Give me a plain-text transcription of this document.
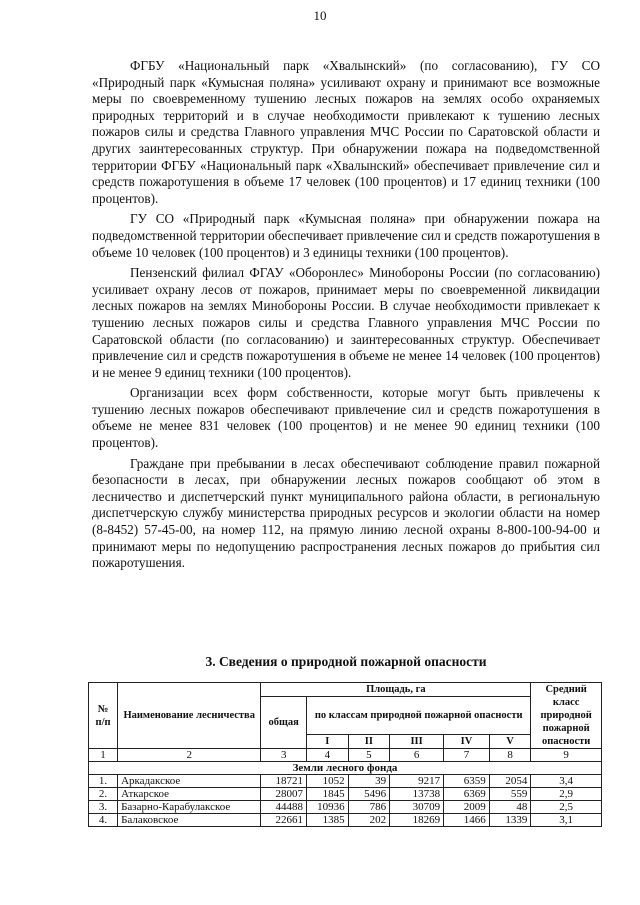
10

ФГБУ «Национальный парк «Хвалынский» (по согласованию), ГУ СО «Природный парк «Кумысная поляна» усиливают охрану и принимают все возможные меры по своевременному тушению лесных пожаров на землях особо охраняемых природных территорий и в случае необходимости привлекают к тушению лесных пожаров силы и средства Главного управления МЧС России по Саратовской области и других заинтересованных структур. При обнаружении пожара на подведомственной территории ФГБУ «Национальный парк «Хвалынский» обеспечивает привлечение сил и средств пожаротушения в объеме 17 человек (100 процентов) и 17 единиц техники (100 процентов).

ГУ СО «Природный парк «Кумысная поляна» при обнаружении пожара на подведомственной территории обеспечивает привлечение сил и средств пожаротушения в объеме 10 человек (100 процентов) и 3 единицы техники (100 процентов).

Пензенский филиал ФГАУ «Оборонлес» Минобороны России (по согласованию) усиливает охрану лесов от пожаров, принимает меры по своевременной ликвидации лесных пожаров на землях Минобороны России. В случае необходимости привлекает к тушению лесных пожаров силы и средства Главного управления МЧС России по Саратовской области (по согласованию) и заинтересованных структур. Обеспечивает привлечение сил и средств пожаротушения в объеме не менее 14 человек (100 процентов) и не менее 9 единиц техники (100 процентов).

Организации всех форм собственности, которые могут быть привлечены к тушению лесных пожаров обеспечивают привлечение сил и средств пожаротушения в объеме не менее 831 человек (100 процентов) и не менее 90 единиц техники (100 процентов).

Граждане при пребывании в лесах обеспечивают соблюдение правил пожарной безопасности в лесах, при обнаружении лесных пожаров сообщают об этом в лесничество и диспетчерский пункт муниципального района области, в региональную диспетчерскую службу министерства природных ресурсов и экологии области на номер (8-8452) 57-45-00, на номер 112, на прямую линию лесной охраны 8-800-100-94-00 и принимают меры по недопущению распространения лесных пожаров до прибытия сил пожаротушения.

3. Сведения о природной пожарной опасности
№ п/п	Наименование лесничества	Площадь, га						Средний класс природной пожарной опасности
		общая	по классам природной пожарной опасности					
			I	II	III	IV	V	
1	2	3	4	5	6	7	8	9
Земли лесного фонда								
1.	Аркадакское	18721	1052	39	9217	6359	2054	3,4
2.	Аткарское	28007	1845	5496	13738	6369	559	2,9
3.	Базарно-Карабулакское	44488	10936	786	30709	2009	48	2,5
4.	Балаковское	22661	1385	202	18269	1466	1339	3,1
